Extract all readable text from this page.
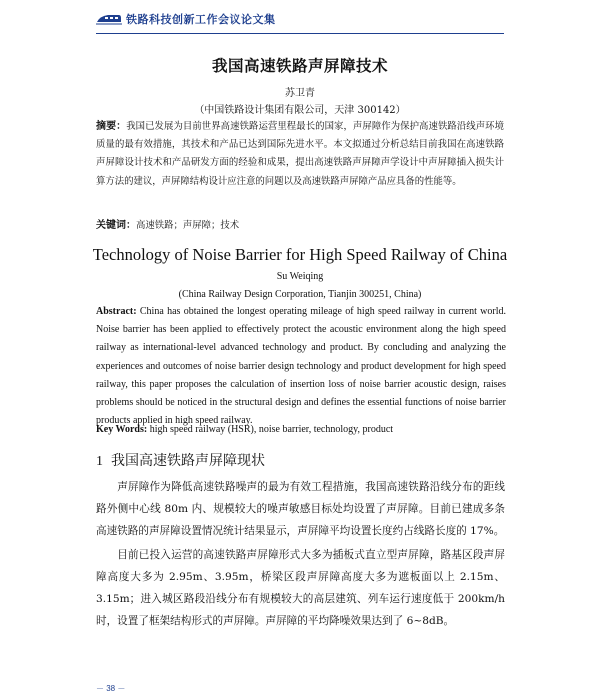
铁路科技创新工作会议论文集
我国高速铁路声屏障技术
苏卫青
（中国铁路设计集团有限公司，天津 300142）
摘要：我国已发展为目前世界高速铁路运营里程最长的国家，声屏障作为保护高速铁路沿线声环境质量的最有效措施，其技术和产品已达到国际先进水平。本文拟通过分析总结目前我国在高速铁路声屏障设计技术和产品研发方面的经验和成果，提出高速铁路声屏障声学设计中声屏障插入损失计算方法的建议，声屏障结构设计应注意的问题以及高速铁路声屏障产品应具备的性能等。
关键词：高速铁路；声屏障；技术
Technology of Noise Barrier for High Speed Railway of China
Su Weiqing
(China Railway Design Corporation, Tianjin 300251, China)
Abstract: China has obtained the longest operating mileage of high speed railway in current world. Noise barrier has been applied to effectively protect the acoustic environment along the high speed railway as international-level advanced technology and product. By concluding and analyzing the experiences and outcomes of noise barrier design technology and product development for high speed railway, this paper proposes the calculation of insertion loss of noise barrier acoustic design, raises problems should be noticed in the structural design and defines the essential functions of noise barrier products applied in high speed railway.
Key Words: high speed railway (HSR), noise barrier, technology, product
1 我国高速铁路声屏障现状

声屏障作为降低高速铁路噪声的最为有效工程措施，我国高速铁路沿线分布的距线路外侧中心线 80m 内、规模较大的噪声敏感目标处均设置了声屏障。目前已建成多条高速铁路的声屏障设置情况统计结果显示，声屏障平均设置长度约占线路长度的 17%。

目前已投入运营的高速铁路声屏障形式大多为插板式直立型声屏障，路基区段声屏障高度大多为 2.95m、3.95m，桥梁区段声屏障高度大多为遮板面以上 2.15m、3.15m；进入城区路段沿线分布有规模较大的高层建筑、列车运行速度低于 200km/h 时，设置了框架结构形式的声屏障。声屏障的平均降噪效果达到了 6~8dB。

－ 38 －
